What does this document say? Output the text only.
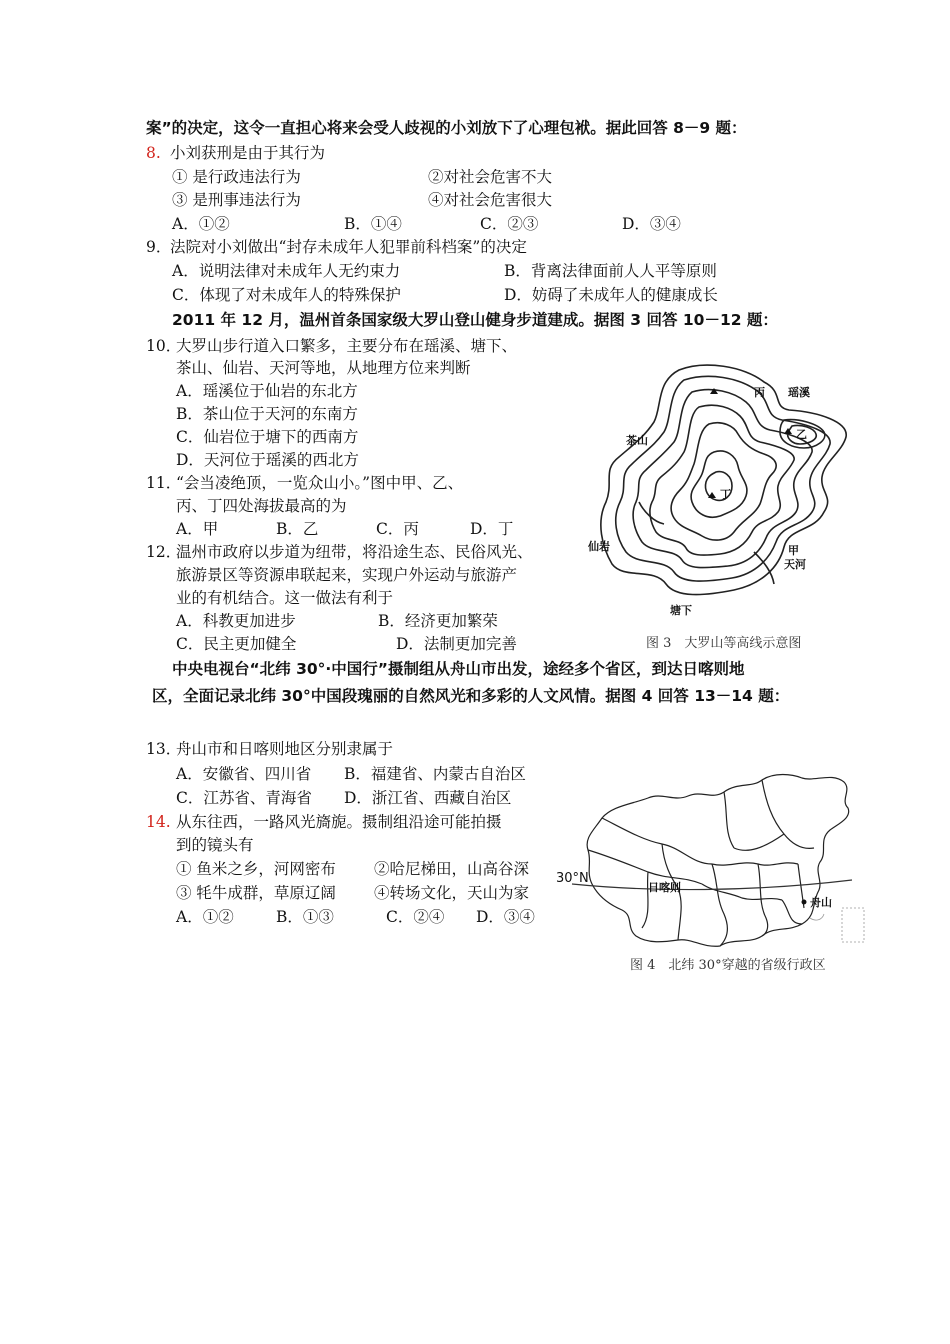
案”的决定，这令一直担心将来会受人歧视的小刘放下了心理包袱。据此回答 8－9 题：
8. 小刘获刑是由于其行为
① 是行政违法行为	②对社会危害不大
③ 是刑事违法行为	④对社会危害很大
A．①②	B．①④	C．②③	D．③④
9．
法院对小刘做出“封存未成年人犯罪前科档案”的决定
A．说明法律对未成年人无约束力	B．背离法律面前人人平等原则
C．体现了对未成年人的特殊保护	D．妨碍了未成年人的健康成长
2011 年 12 月，温州首条国家级大罗山登山健身步道建成。据图 3 回答 10－12 题：
10．
大罗山步行道入口繁多，主要分布在瑶溪、塘下、
茶山、仙岩、天河等地，从地理方位来判断
A．瑶溪位于仙岩的东北方
B．茶山位于天河的东南方
C．仙岩位于塘下的西南方
D．天河位于瑶溪的西北方
11．
“会当凌绝顶，一览众山小。”图中甲、乙、
丙、丁四处海拔最高的为
A．甲	B．乙	C．丙	D．丁
12．
温州市政府以步道为纽带，将沿途生态、民俗风光、
旅游景区等资源串联起来，实现户外运动与旅游产
业的有机结合。这一做法有利于
A．科教更加进步	B．经济更加繁荣
C．民主更加健全	D．法制更加完善
丙
乙
丁
瑶溪
茶山
仙岩	甲
天河
塘下
图 3　大罗山等高线示意图
中央电视台“北纬 30°·中国行”摄制组从舟山市出发，途经多个省区，到达日喀则地
区，全面记录北纬 30°中国段瑰丽的自然风光和多彩的人文风情。据图 4 回答 13－14 题：
13．
舟山市和日喀则地区分别隶属于
A．安徽省、四川省 B．福建省、内蒙古自治区
C．江苏省、青海省 D．浙江省、西藏自治区
14. 从东往西，一路风光旖旎。摄制组沿途可能拍摄
到的镜头有
① 鱼米之乡，河网密布 ②哈尼梯田，山高谷深
③ 牦牛成群，草原辽阔 ④转场文化，天山为家
A．①②	B．①③	C．②④ D．③④
日喀则
舟山
30°N
图 4　北纬 30°穿越的省级行政区
